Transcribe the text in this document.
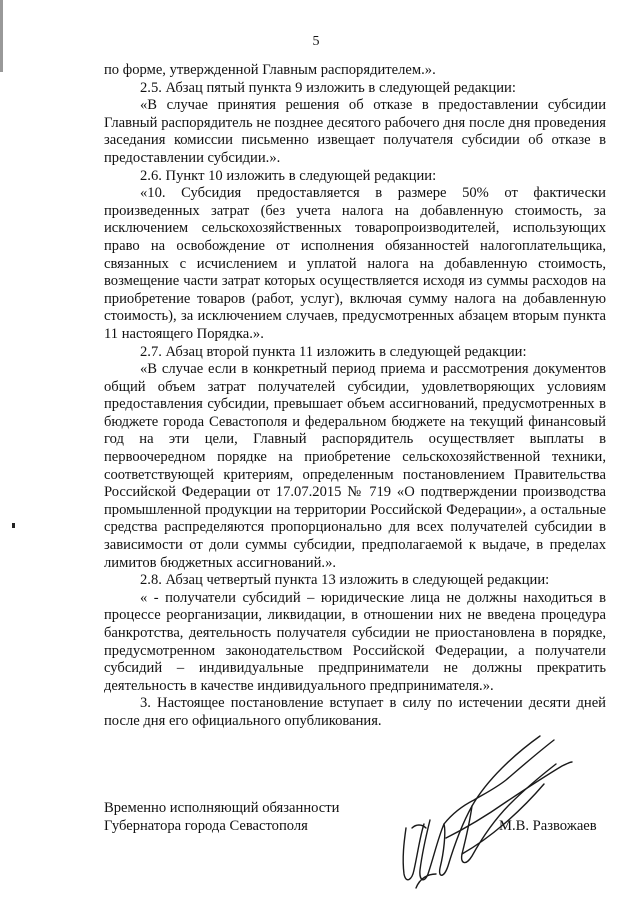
5

по форме, утвержденной Главным распорядителем.».

2.5. Абзац пятый пункта 9 изложить в следующей редакции:

«В случае принятия решения об отказе в предоставлении субсидии Главный распорядитель не позднее десятого рабочего дня после дня проведения заседания комиссии письменно извещает получателя субсидии об отказе в предоставлении субсидии.».

2.6. Пункт 10 изложить в следующей редакции:

«10. Субсидия предоставляется в размере 50% от фактически произведенных затрат (без учета налога на добавленную стоимость, за исключением сельскохозяйственных товаропроизводителей, использующих право на освобождение от исполнения обязанностей налогоплательщика, связанных с исчислением и уплатой налога на добавленную стоимость, возмещение части затрат которых осуществляется исходя из суммы расходов на приобретение товаров (работ, услуг), включая сумму налога на добавленную стоимость), за исключением случаев, предусмотренных абзацем вторым пункта 11 настоящего Порядка.».

2.7. Абзац второй пункта 11 изложить в следующей редакции:

«В случае если в конкретный период приема и рассмотрения документов общий объем затрат получателей субсидии, удовлетворяющих условиям предоставления субсидии, превышает объем ассигнований, предусмотренных в бюджете города Севастополя и федеральном бюджете на текущий финансовый год на эти цели, Главный распорядитель осуществляет выплаты в первоочередном порядке на приобретение сельскохозяйственной техники, соответствующей критериям, определенным постановлением Правительства Российской Федерации от 17.07.2015 № 719 «О подтверждении производства промышленной продукции на территории Российской Федерации», а остальные средства распределяются пропорционально для всех получателей субсидии в зависимости от доли суммы субсидии, предполагаемой к выдаче, в пределах лимитов бюджетных ассигнований.».

2.8. Абзац четвертый пункта 13 изложить в следующей редакции:

« - получатели субсидий – юридические лица не должны находиться в процессе реорганизации, ликвидации, в отношении них не введена процедура банкротства, деятельность получателя субсидии не приостановлена в порядке, предусмотренном законодательством Российской Федерации, а получатели субсидий – индивидуальные предприниматели не должны прекратить деятельность в качестве индивидуального предпринимателя.».

3. Настоящее постановление вступает в силу по истечении десяти дней после дня его официального опубликования.

Временно исполняющий обязанности
Губернатора города Севастополя	М.В. Развожаев
